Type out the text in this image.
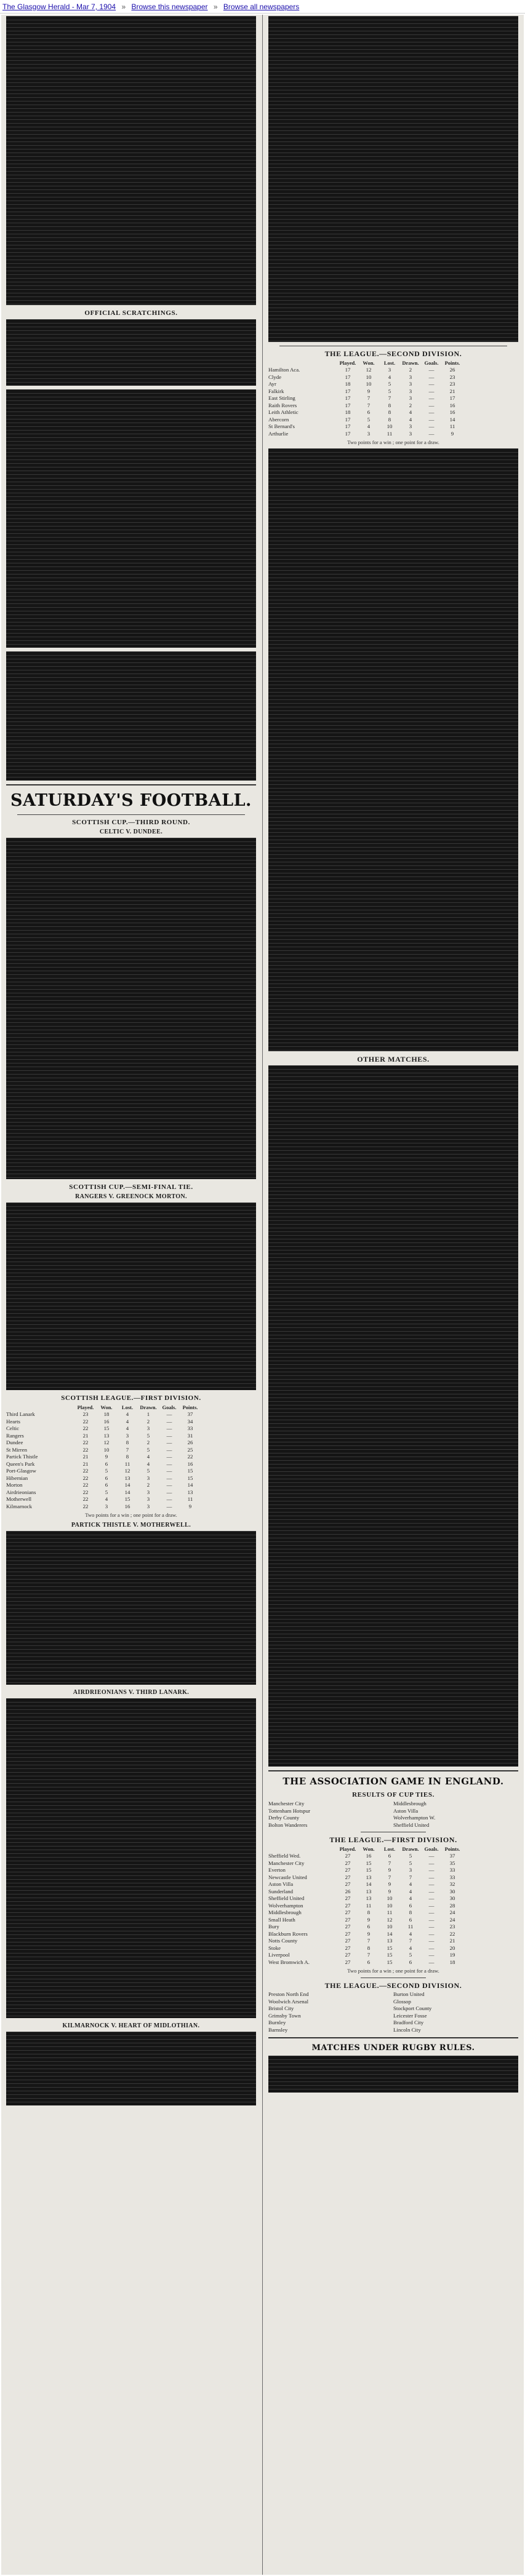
The Glasgow Herald - Mar 7, 1904 » Browse this newspaper » Browse all newspapers
OFFICIAL SCRATCHINGS.
SATURDAY'S FOOTBALL.
SCOTTISH CUP.—THIRD ROUND.
CELTIC V. DUNDEE.
SCOTTISH CUP.—SEMI-FINAL TIE.
RANGERS V. GREENOCK MORTON.
SCOTTISH LEAGUE.—FIRST DIVISION.
Played.	Won.	Lost.	Drawn.	Goals.	Points.
Third Lanark	23	18	4	1	—	37
Hearts	22	16	4	2	—	34
Celtic	22	15	4	3	—	33
Rangers	21	13	3	5	—	31
Dundee	22	12	8	2	—	26
St Mirren	22	10	7	5	—	25
Partick Thistle	21	9	8	4	—	22
Queen's Park	21	6	11	4	—	16
Port-Glasgow	22	5	12	5	—	15
Hibernian	22	6	13	3	—	15
Morton	22	6	14	2	—	14
Airdrieonians	22	5	14	3	—	13
Motherwell	22	4	15	3	—	11
Kilmarnock	22	3	16	3	—	9
Two points for a win ; one point for a draw.
PARTICK THISTLE V. MOTHERWELL.
AIRDRIEONIANS V. THIRD LANARK.
KILMARNOCK V. HEART OF MIDLOTHIAN.
THE LEAGUE.—SECOND DIVISION.
Played.	Won.	Lost.	Drawn.	Goals.	Points.
Hamilton Aca.	17	12	3	2	—	26
Clyde	17	10	4	3	—	23
Ayr	18	10	5	3	—	23
Falkirk	17	9	5	3	—	21
East Stirling	17	7	7	3	—	17
Raith Rovers	17	7	8	2	—	16
Leith Athletic	18	6	8	4	—	16
Abercorn	17	5	8	4	—	14
St Bernard's	17	4	10	3	—	11
Arthurlie	17	3	11	3	—	9
Two points for a win ; one point for a draw.
OTHER MATCHES.
THE ASSOCIATION GAME IN ENGLAND.
RESULTS OF CUP TIES.
Manchester City	Middlesbrough
Tottenham Hotspur	Aston Villa
Derby County	Wolverhampton W.
Bolton Wanderers	Sheffield United
THE LEAGUE.—FIRST DIVISION.
Played.	Won.	Lost.	Drawn.	Goals.	Points.
Sheffield Wed.	27	16	6	5	—	37
Manchester City	27	15	7	5	—	35
Everton	27	15	9	3	—	33
Newcastle United	27	13	7	7	—	33
Aston Villa	27	14	9	4	—	32
Sunderland	26	13	9	4	—	30
Sheffield United	27	13	10	4	—	30
Wolverhampton	27	11	10	6	—	28
Middlesbrough	27	8	11	8	—	24
Small Heath	27	9	12	6	—	24
Bury	27	6	10	11	—	23
Blackburn Rovers	27	9	14	4	—	22
Notts County	27	7	13	7	—	21
Stoke	27	8	15	4	—	20
Liverpool	27	7	15	5	—	19
West Bromwich A.	27	6	15	6	—	18
Two points for a win ; one point for a draw.
THE LEAGUE.—SECOND DIVISION.
Preston North End	Burton United
Woolwich Arsenal	Glossop
Bristol City	Stockport County
Grimsby Town	Leicester Fosse
Burnley	Bradford City
Barnsley	Lincoln City
MATCHES UNDER RUGBY RULES.
